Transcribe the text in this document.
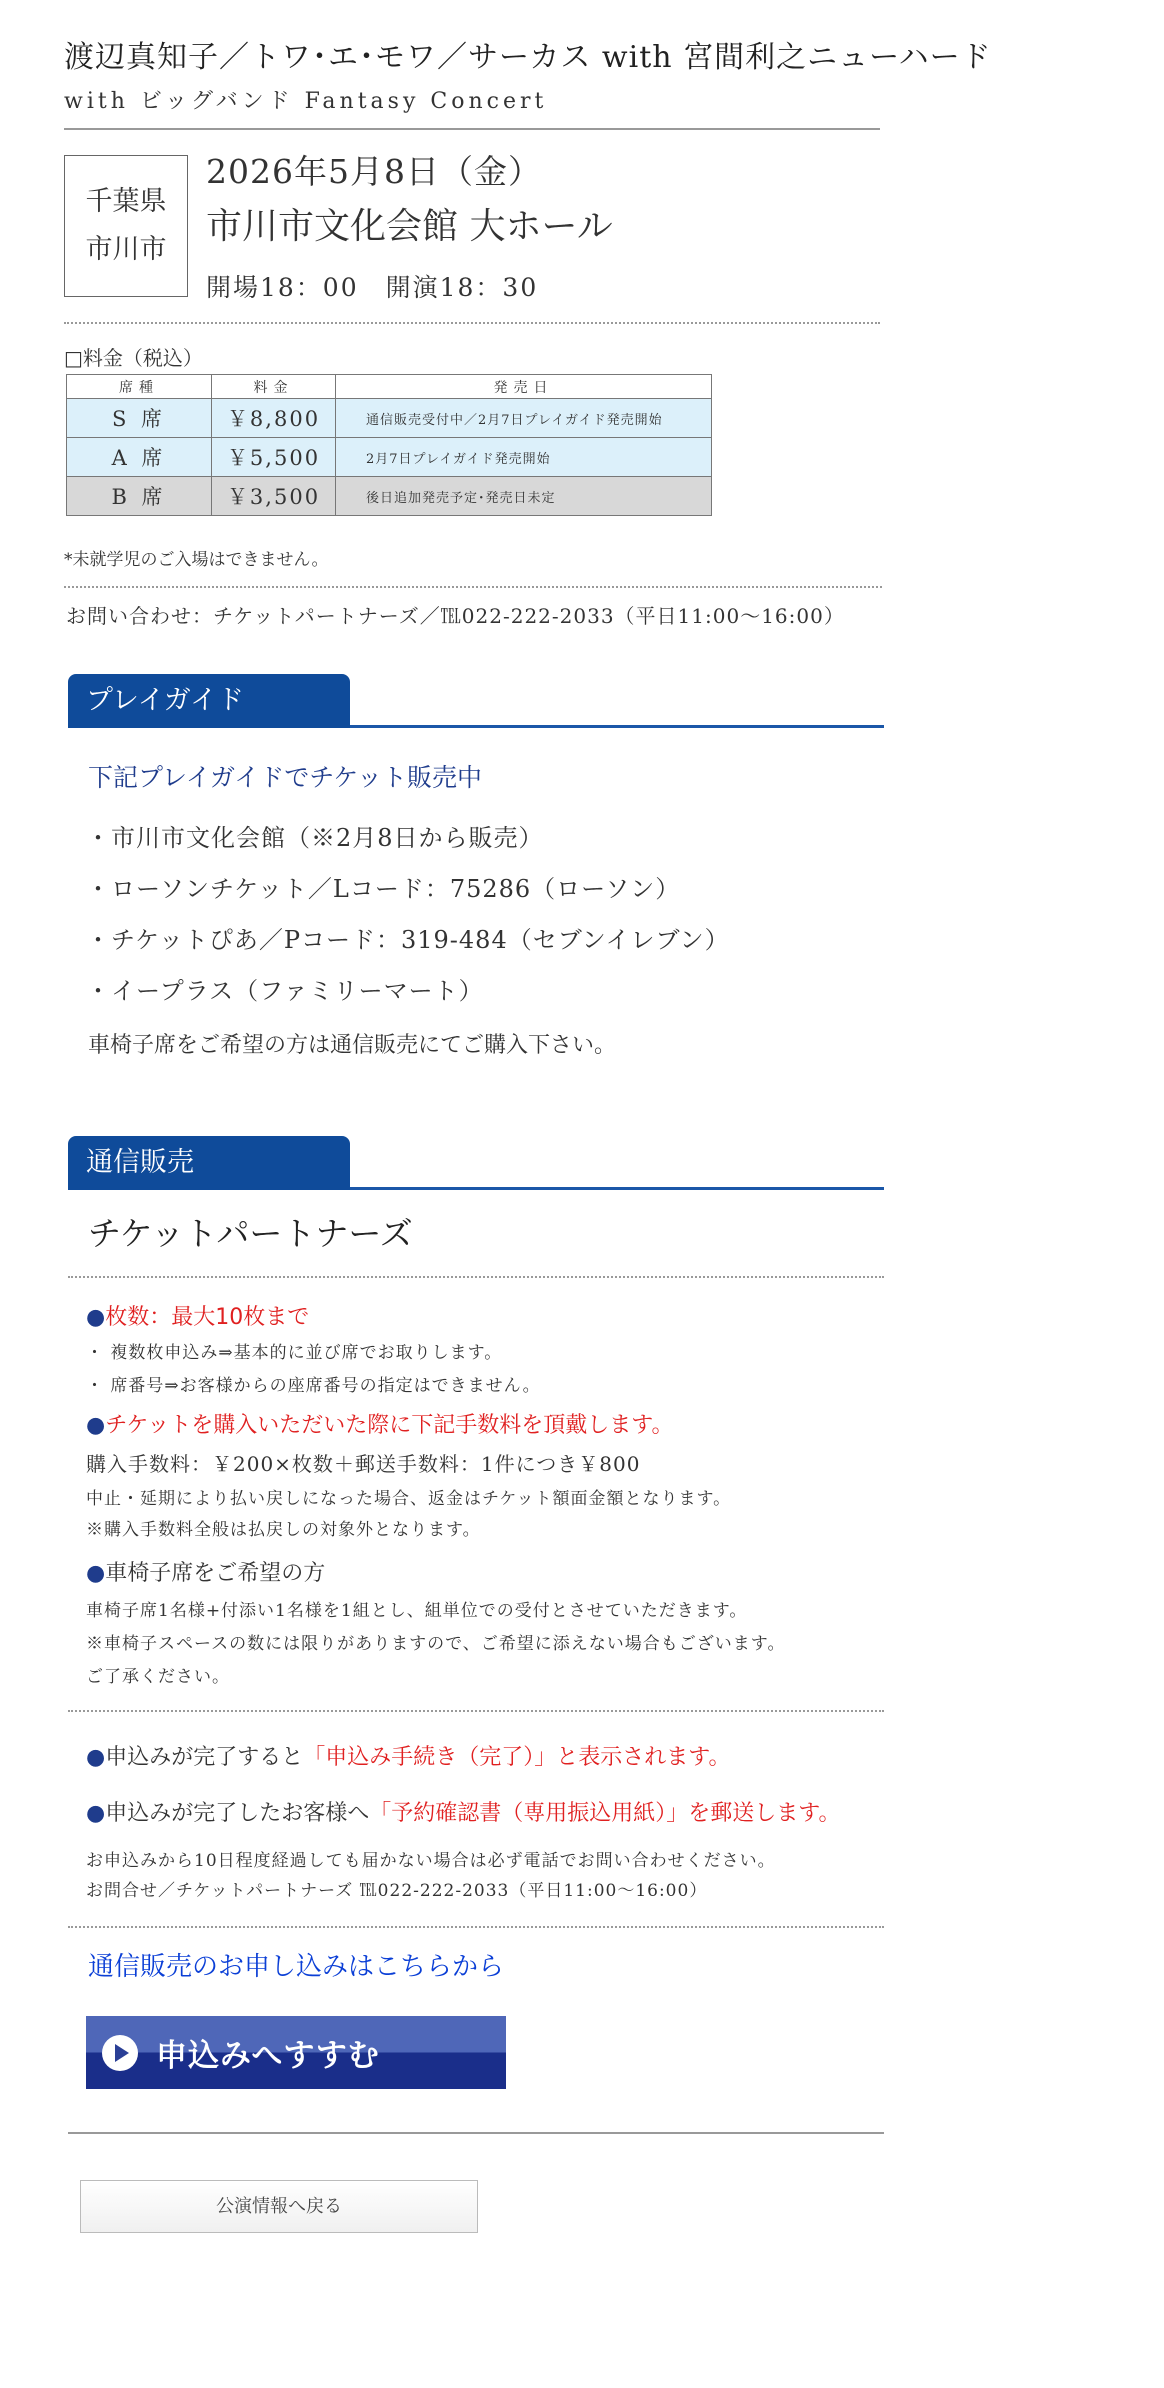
渡辺真知子／トワ･エ･モワ／サーカス with 宮間利之ニューハード
with ビッグバンド Fantasy Concert
千葉県
市川市
2026年5月8日（金）
市川市文化会館 大ホール
開場18：00　開演18：30
□料金（税込）
席種	料金	発売日
S 席	￥8,800	通信販売受付中／2月7日プレイガイド発売開始
A 席	￥5,500	2月7日プレイガイド発売開始
B 席	￥3,500	後日追加発売予定･発売日未定
*未就学児のご入場はできません。
お問い合わせ：チケットパートナーズ／℡022-222-2033（平日11:00～16:00）
プレイガイド
下記プレイガイドでチケット販売中
・市川市文化会館（※2月8日から販売）
・ローソンチケット／Lコード：75286（ローソン）
・チケットぴあ／Pコード：319-484（セブンイレブン）
・イープラス（ファミリーマート）
車椅子席をご希望の方は通信販売にてご購入下さい。
通信販売
チケットパートナーズ
●枚数：最大10枚まで
・ 複数枚申込み⇒基本的に並び席でお取りします。
・ 席番号⇒お客様からの座席番号の指定はできません。
●チケットを購入いただいた際に下記手数料を頂戴します。
購入手数料：￥200×枚数＋郵送手数料：1件につき￥800
中止・延期により払い戻しになった場合、返金はチケット額面金額となります。
※購入手数料全般は払戻しの対象外となります。
●車椅子席をご希望の方
車椅子席1名様+付添い1名様を1組とし、組単位での受付とさせていただきます。
※車椅子スペースの数には限りがありますので、ご希望に添えない場合もございます。
ご了承ください。
●申込みが完了すると「申込み手続き（完了）」と表示されます。
●申込みが完了したお客様へ「予約確認書（専用振込用紙）」を郵送します。
お申込みから10日程度経過しても届かない場合は必ず電話でお問い合わせください。
お問合せ／チケットパートナーズ ℡022-222-2033（平日11:00～16:00）
通信販売のお申し込みはこちらから
申込みへすすむ
公演情報へ戻る
